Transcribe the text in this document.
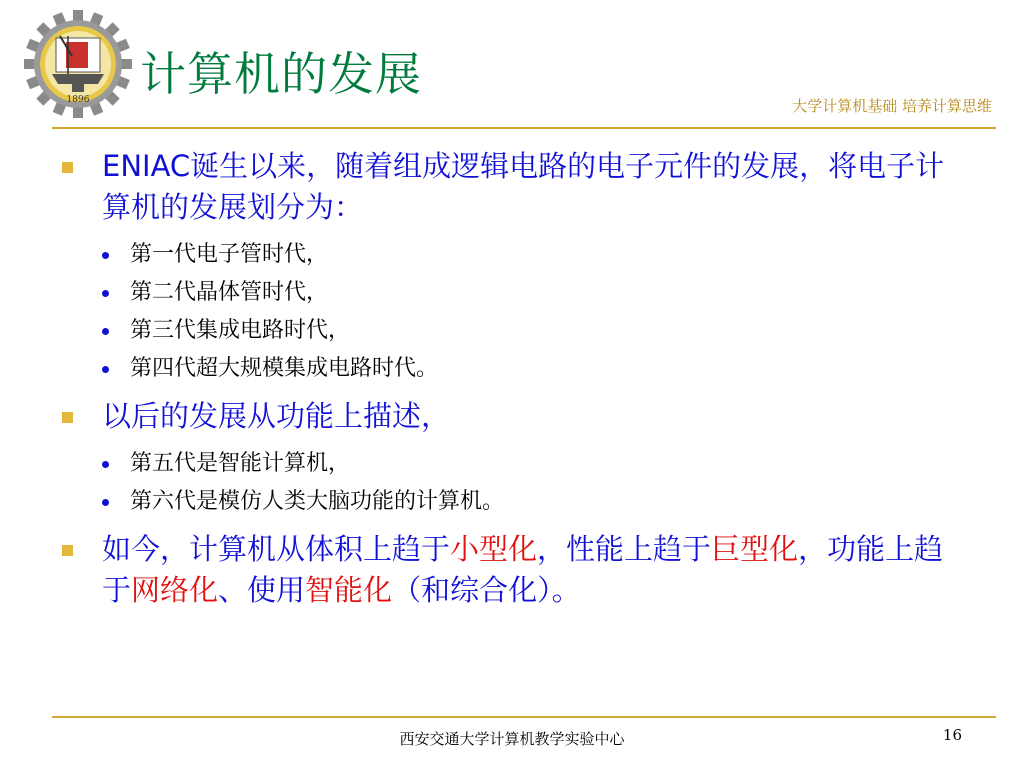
1896 计算机的发展
大学计算机基础 培养计算思维
ENIAC诞生以来，随着组成逻辑电路的电子元件的发展，将电子计算机的发展划分为：
第一代电子管时代，
第二代晶体管时代，
第三代集成电路时代，
第四代超大规模集成电路时代。
以后的发展从功能上描述，
第五代是智能计算机，
第六代是模仿人类大脑功能的计算机。
如今，计算机从体积上趋于小型化，性能上趋于巨型化，功能上趋于网络化、使用智能化（和综合化）。
西安交通大学计算机教学实验中心	16
